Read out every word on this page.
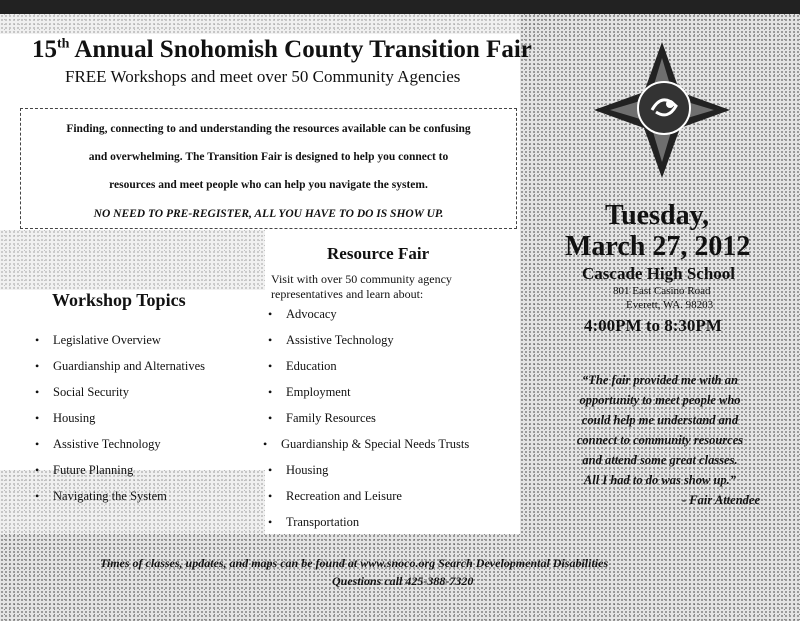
15th Annual Snohomish County Transition Fair
FREE Workshops and meet over 50 Community Agencies

Finding, connecting to and understanding the resources available can be confusing

and overwhelming. The Transition Fair is designed to help you connect to

resources and meet people who can help you navigate the system.

NO NEED TO PRE-REGISTER, ALL YOU HAVE TO DO IS SHOW UP.	Tuesday,
March 27, 2012
Cascade High School
801 East Casino Road
Everett, WA. 98203
4:00PM to 8:30PM
“The fair provided me with an
opportunity to meet people who
could help me understand and
connect to community resources
and attend some great classes.
All I had to do was show up.”
- Fair Attendee
Resource Fair
Visit with over 50 community agency
representatives and learn about:
• Advocacy
• Assistive Technology
• Education
• Employment
• Family Resources
• Guardianship & Special Needs Trusts
• Housing
• Recreation and Leisure
• Transportation
Workshop Topics
• Legislative Overview
• Guardianship and Alternatives
• Social Security
• Housing
• Assistive Technology
• Future Planning
• Navigating the System
Times of classes, updates, and maps can be found at www.snoco.org Search Developmental Disabilities
Questions call 425-388-7320
